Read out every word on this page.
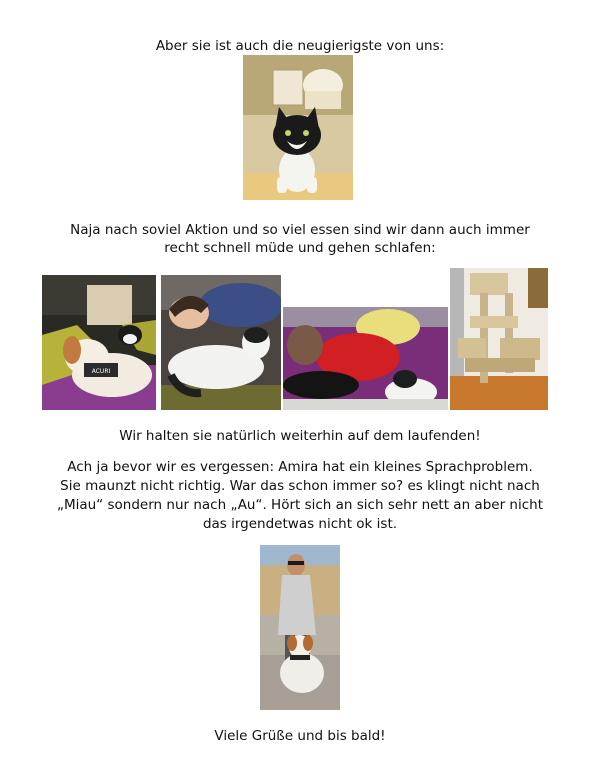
Aber sie ist auch die neugierigste von uns:
Naja nach soviel Aktion und so viel essen sind wir dann auch immer
recht schnell müde und gehen schlafen:
ACURI
Wir halten sie natürlich weiterhin auf dem laufenden!
Ach ja bevor wir es vergessen: Amira hat ein kleines Sprachproblem.
Sie maunzt nicht richtig. War das schon immer so? es klingt nicht nach
„Miau“ sondern nur nach „Au“. Hört sich an sich sehr nett an aber nicht
das irgendetwas nicht ok ist.
Viele Grüße und bis bald!
